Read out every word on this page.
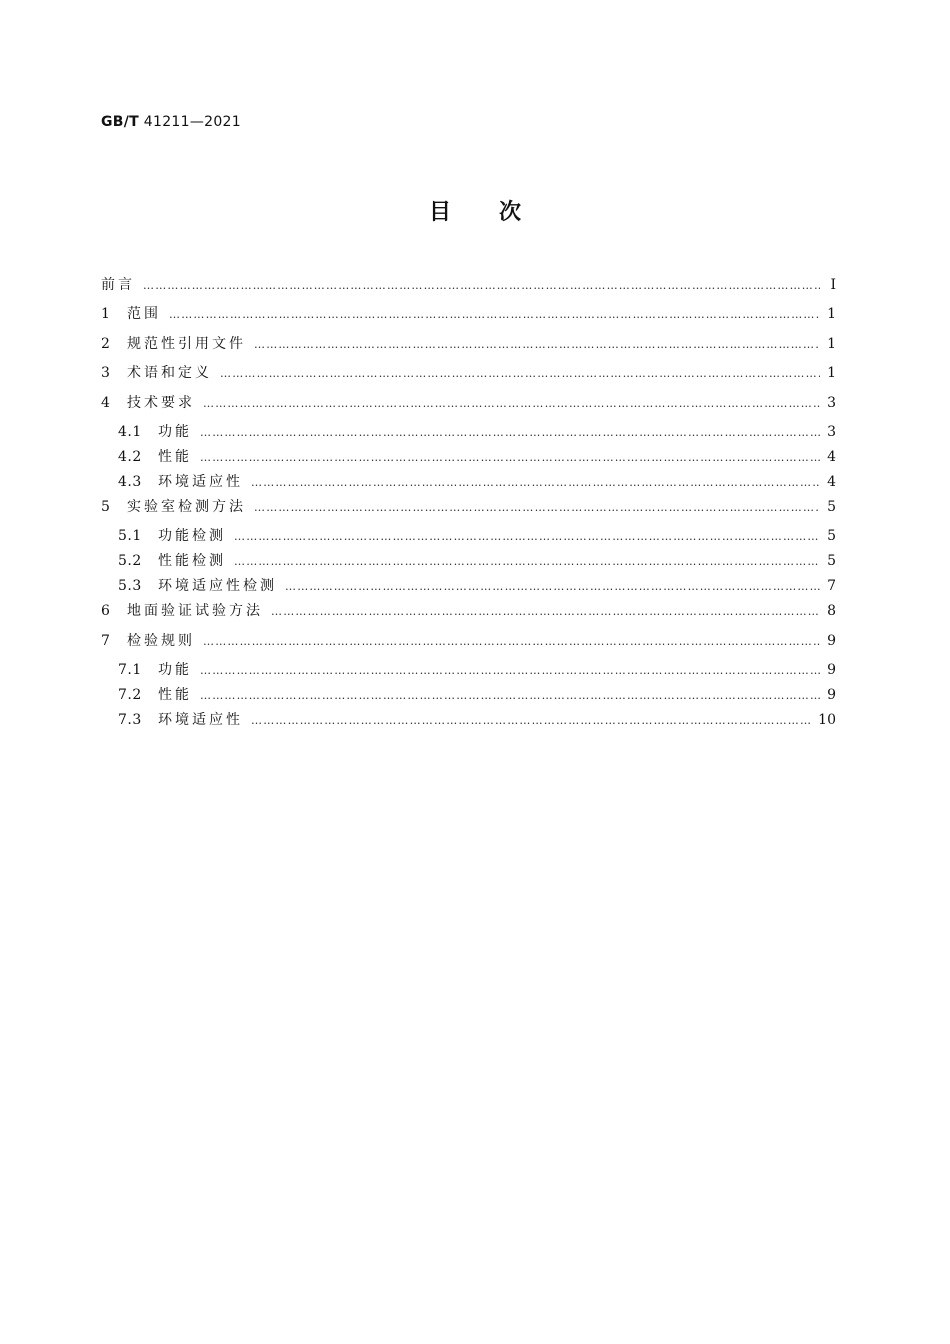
GB/T 41211—2021
目 次
前言 …………………………………………………………………………………………………………………………………………………………………………………………	Ⅰ
1	范围 …………………………………………………………………………………………………………………………………………………………………………………………	1
2	规范性引用文件 …………………………………………………………………………………………………………………………………………………………………………………………	1
3	术语和定义 …………………………………………………………………………………………………………………………………………………………………………………………	1
4	技术要求 …………………………………………………………………………………………………………………………………………………………………………………………	3
4.1	功能 …………………………………………………………………………………………………………………………………………………………………………………………	3
4.2	性能 …………………………………………………………………………………………………………………………………………………………………………………………	4
4.3	环境适应性 …………………………………………………………………………………………………………………………………………………………………………………………	4
5	实验室检测方法 …………………………………………………………………………………………………………………………………………………………………………………………	5
5.1	功能检测 …………………………………………………………………………………………………………………………………………………………………………………………	5
5.2	性能检测 …………………………………………………………………………………………………………………………………………………………………………………………	5
5.3	环境适应性检测 …………………………………………………………………………………………………………………………………………………………………………………………	7
6	地面验证试验方法 …………………………………………………………………………………………………………………………………………………………………………………………	8
7	检验规则 …………………………………………………………………………………………………………………………………………………………………………………………	9
7.1	功能 …………………………………………………………………………………………………………………………………………………………………………………………	9
7.2	性能 …………………………………………………………………………………………………………………………………………………………………………………………	9
7.3	环境适应性 …………………………………………………………………………………………………………………………………………………………………………………………	10
